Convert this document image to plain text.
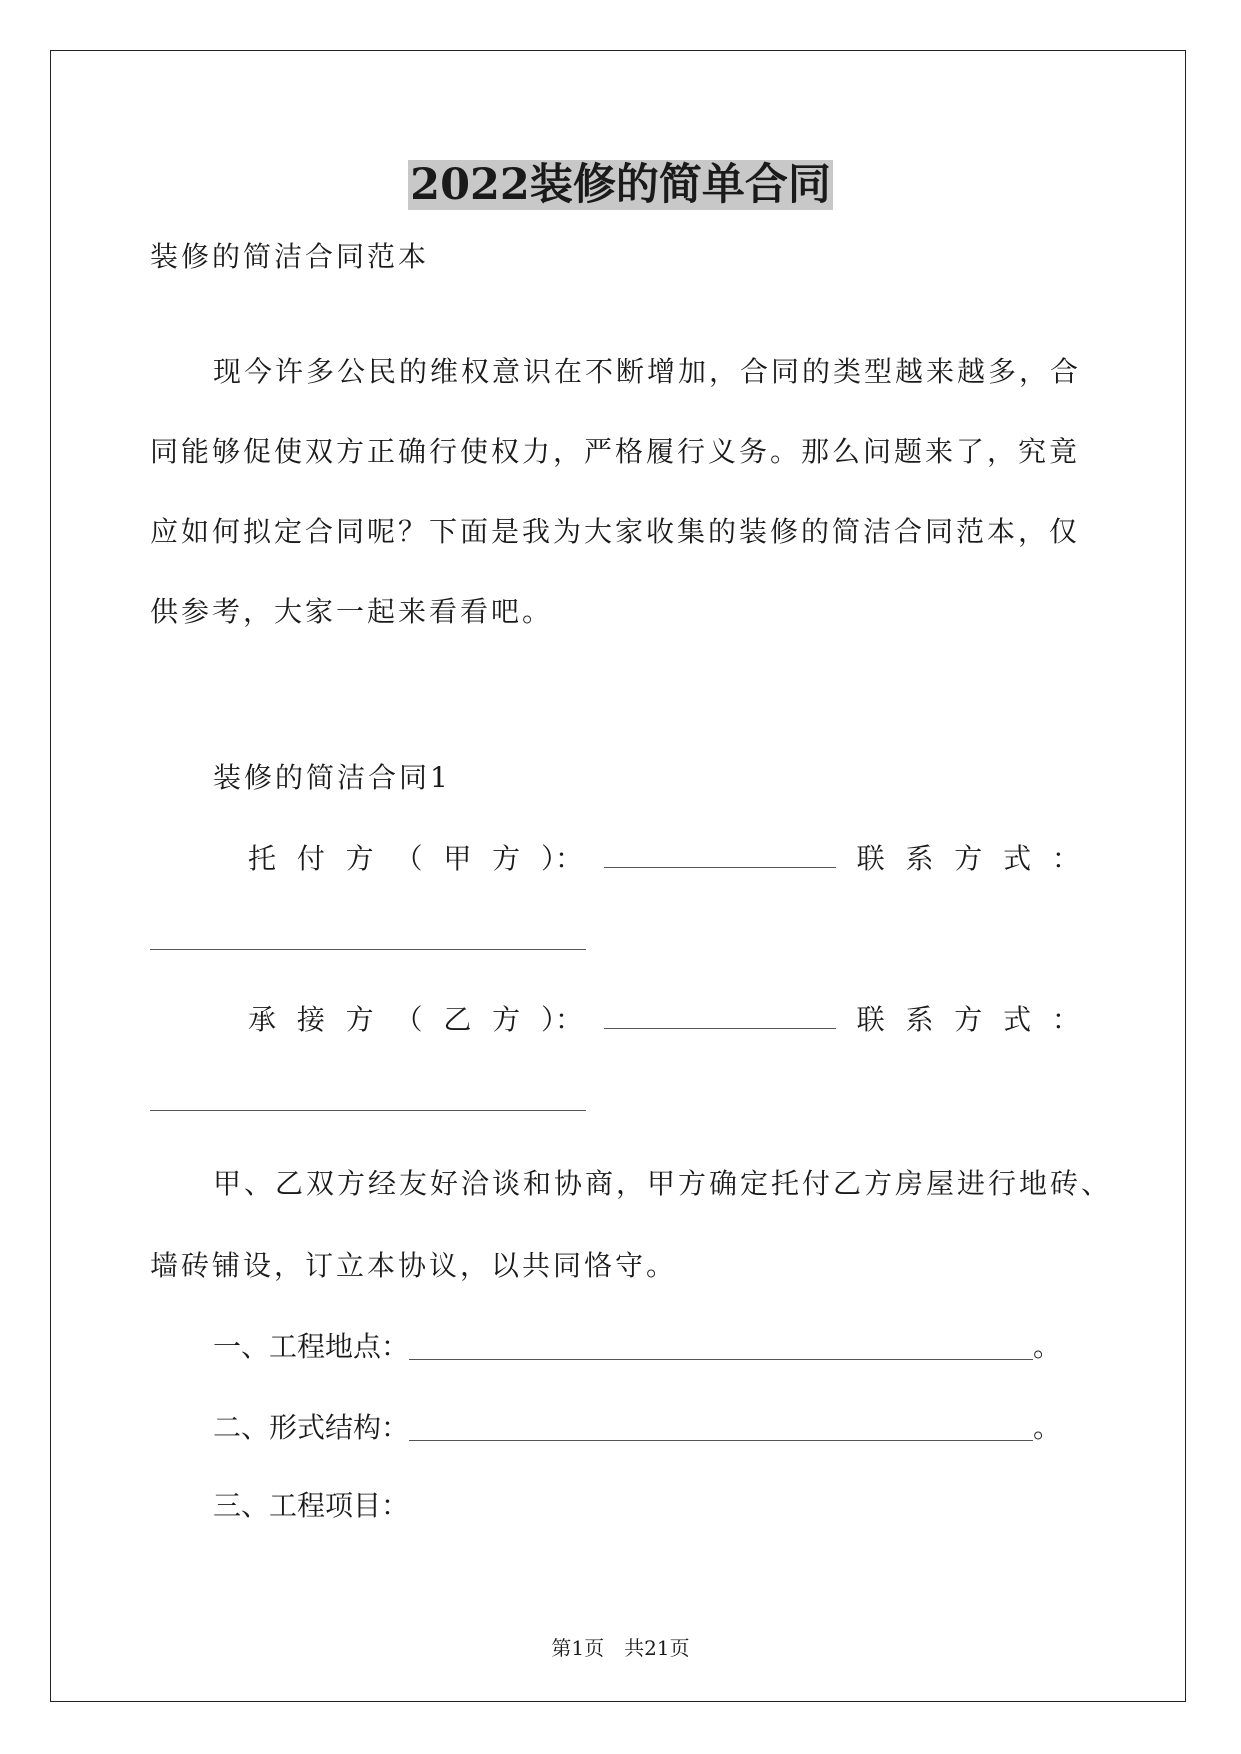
2022装修的简单合同
装修的简洁合同范本
现今许多公民的维权意识在不断增加，合同的类型越来越多，合
同能够促使双方正确行使权力，严格履行义务。那么问题来了，究竟
应如何拟定合同呢？下面是我为大家收集的装修的简洁合同范本，仅
供参考，大家一起来看看吧。
装修的简洁合同1
托 付 方 （ 甲 方 ）：	联 系 方 式 ：
承 接 方 （ 乙 方 ）：	联 系 方 式 ：
甲、乙双方经友好洽谈和协商，甲方确定托付乙方房屋进行地砖、
墙砖铺设，订立本协议，以共同恪守。
一、工程地点：	。
二、形式结构：	。
三、工程项目：
第1页　共21页
